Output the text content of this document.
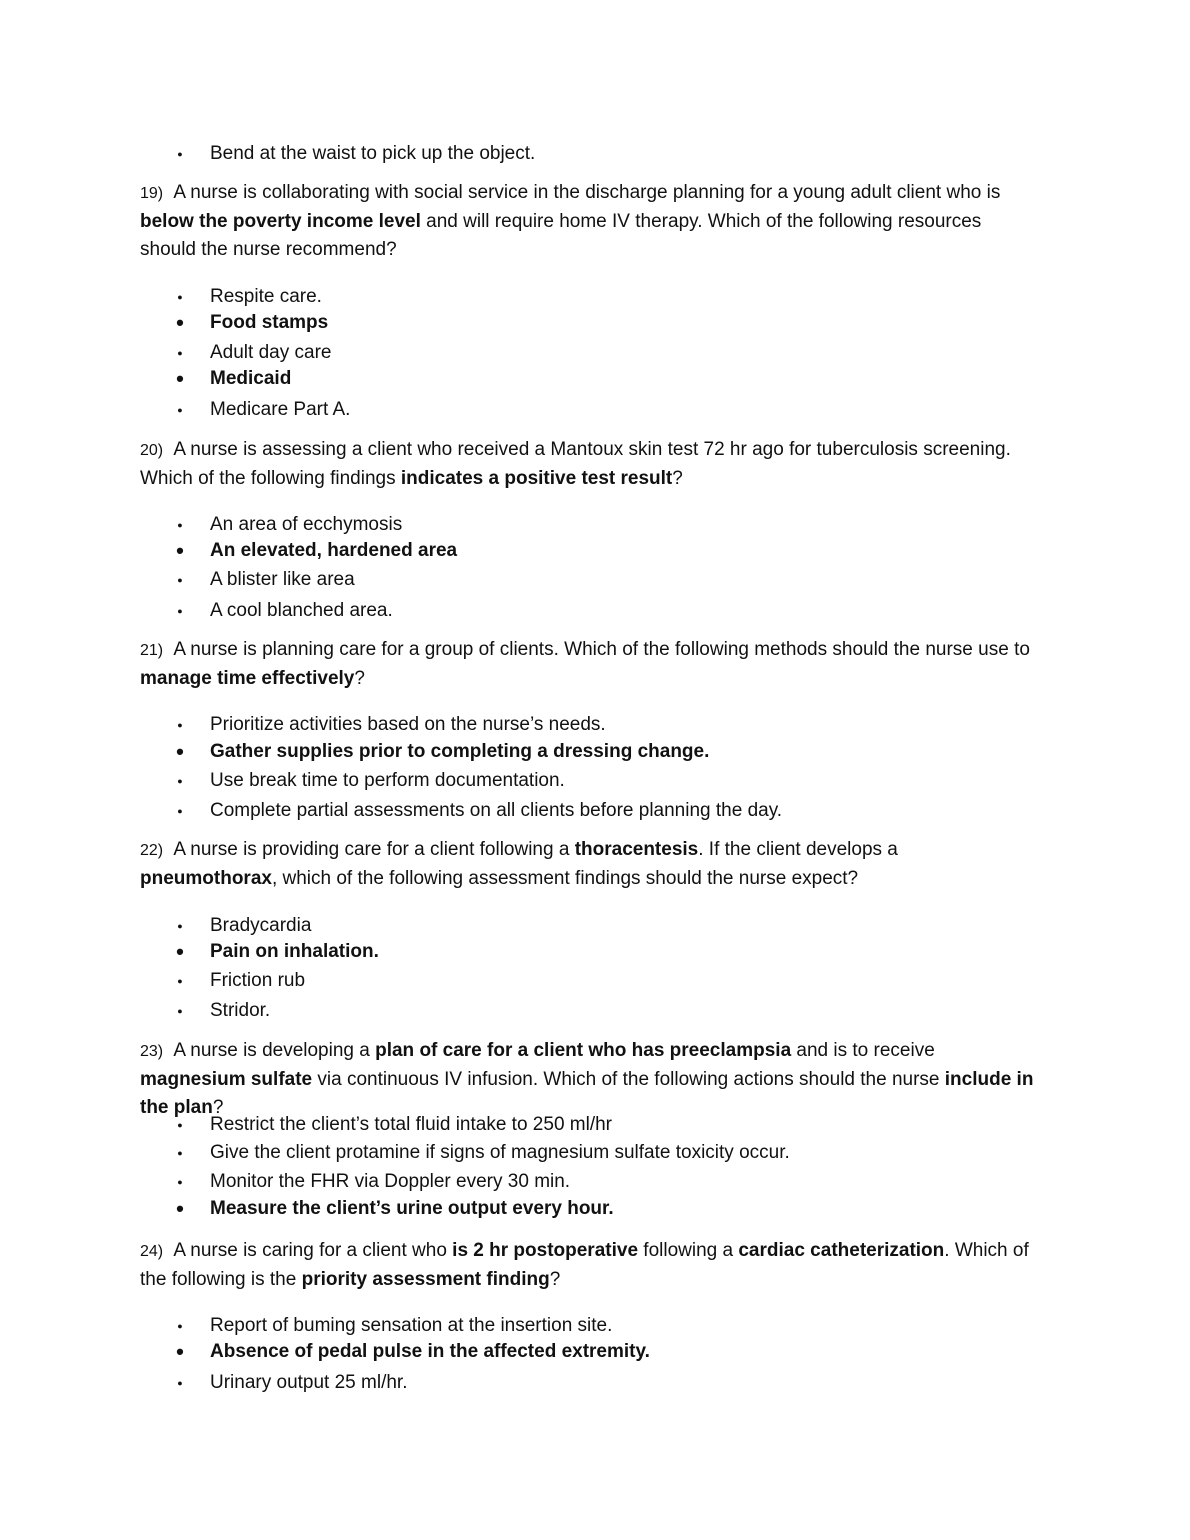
● Bend at the waist to pick up the object.
19) A nurse is collaborating with social service in the discharge planning for a young adult client who is below the poverty income level and will require home IV therapy. Which of the following resources should the nurse recommend?
● Respite care.
• Food stamps
● Adult day care
• Medicaid
● Medicare Part A.
20) A nurse is assessing a client who received a Mantoux skin test 72 hr ago for tuberculosis screening. Which of the following findings indicates a positive test result?
● An area of ecchymosis
• An elevated, hardened area
● A blister like area
● A cool blanched area.
21) A nurse is planning care for a group of clients. Which of the following methods should the nurse use to manage time effectively?
● Prioritize activities based on the nurse’s needs.
• Gather supplies prior to completing a dressing change.
● Use break time to perform documentation.
● Complete partial assessments on all clients before planning the day.
22) A nurse is providing care for a client following a thoracentesis. If the client develops a pneumothorax, which of the following assessment findings should the nurse expect?
● Bradycardia
• Pain on inhalation.
● Friction rub
● Stridor.
23) A nurse is developing a plan of care for a client who has preeclampsia and is to receive magnesium sulfate via continuous IV infusion. Which of the following actions should the nurse include in the plan?
● Restrict the client’s total fluid intake to 250 ml/hr
● Give the client protamine if signs of magnesium sulfate toxicity occur.
● Monitor the FHR via Doppler every 30 min.
• Measure the client’s urine output every hour.
24) A nurse is caring for a client who is 2 hr postoperative following a cardiac catheterization. Which of the following is the priority assessment finding?
● Report of buming sensation at the insertion site.
• Absence of pedal pulse in the affected extremity.
● Urinary output 25 ml/hr.
